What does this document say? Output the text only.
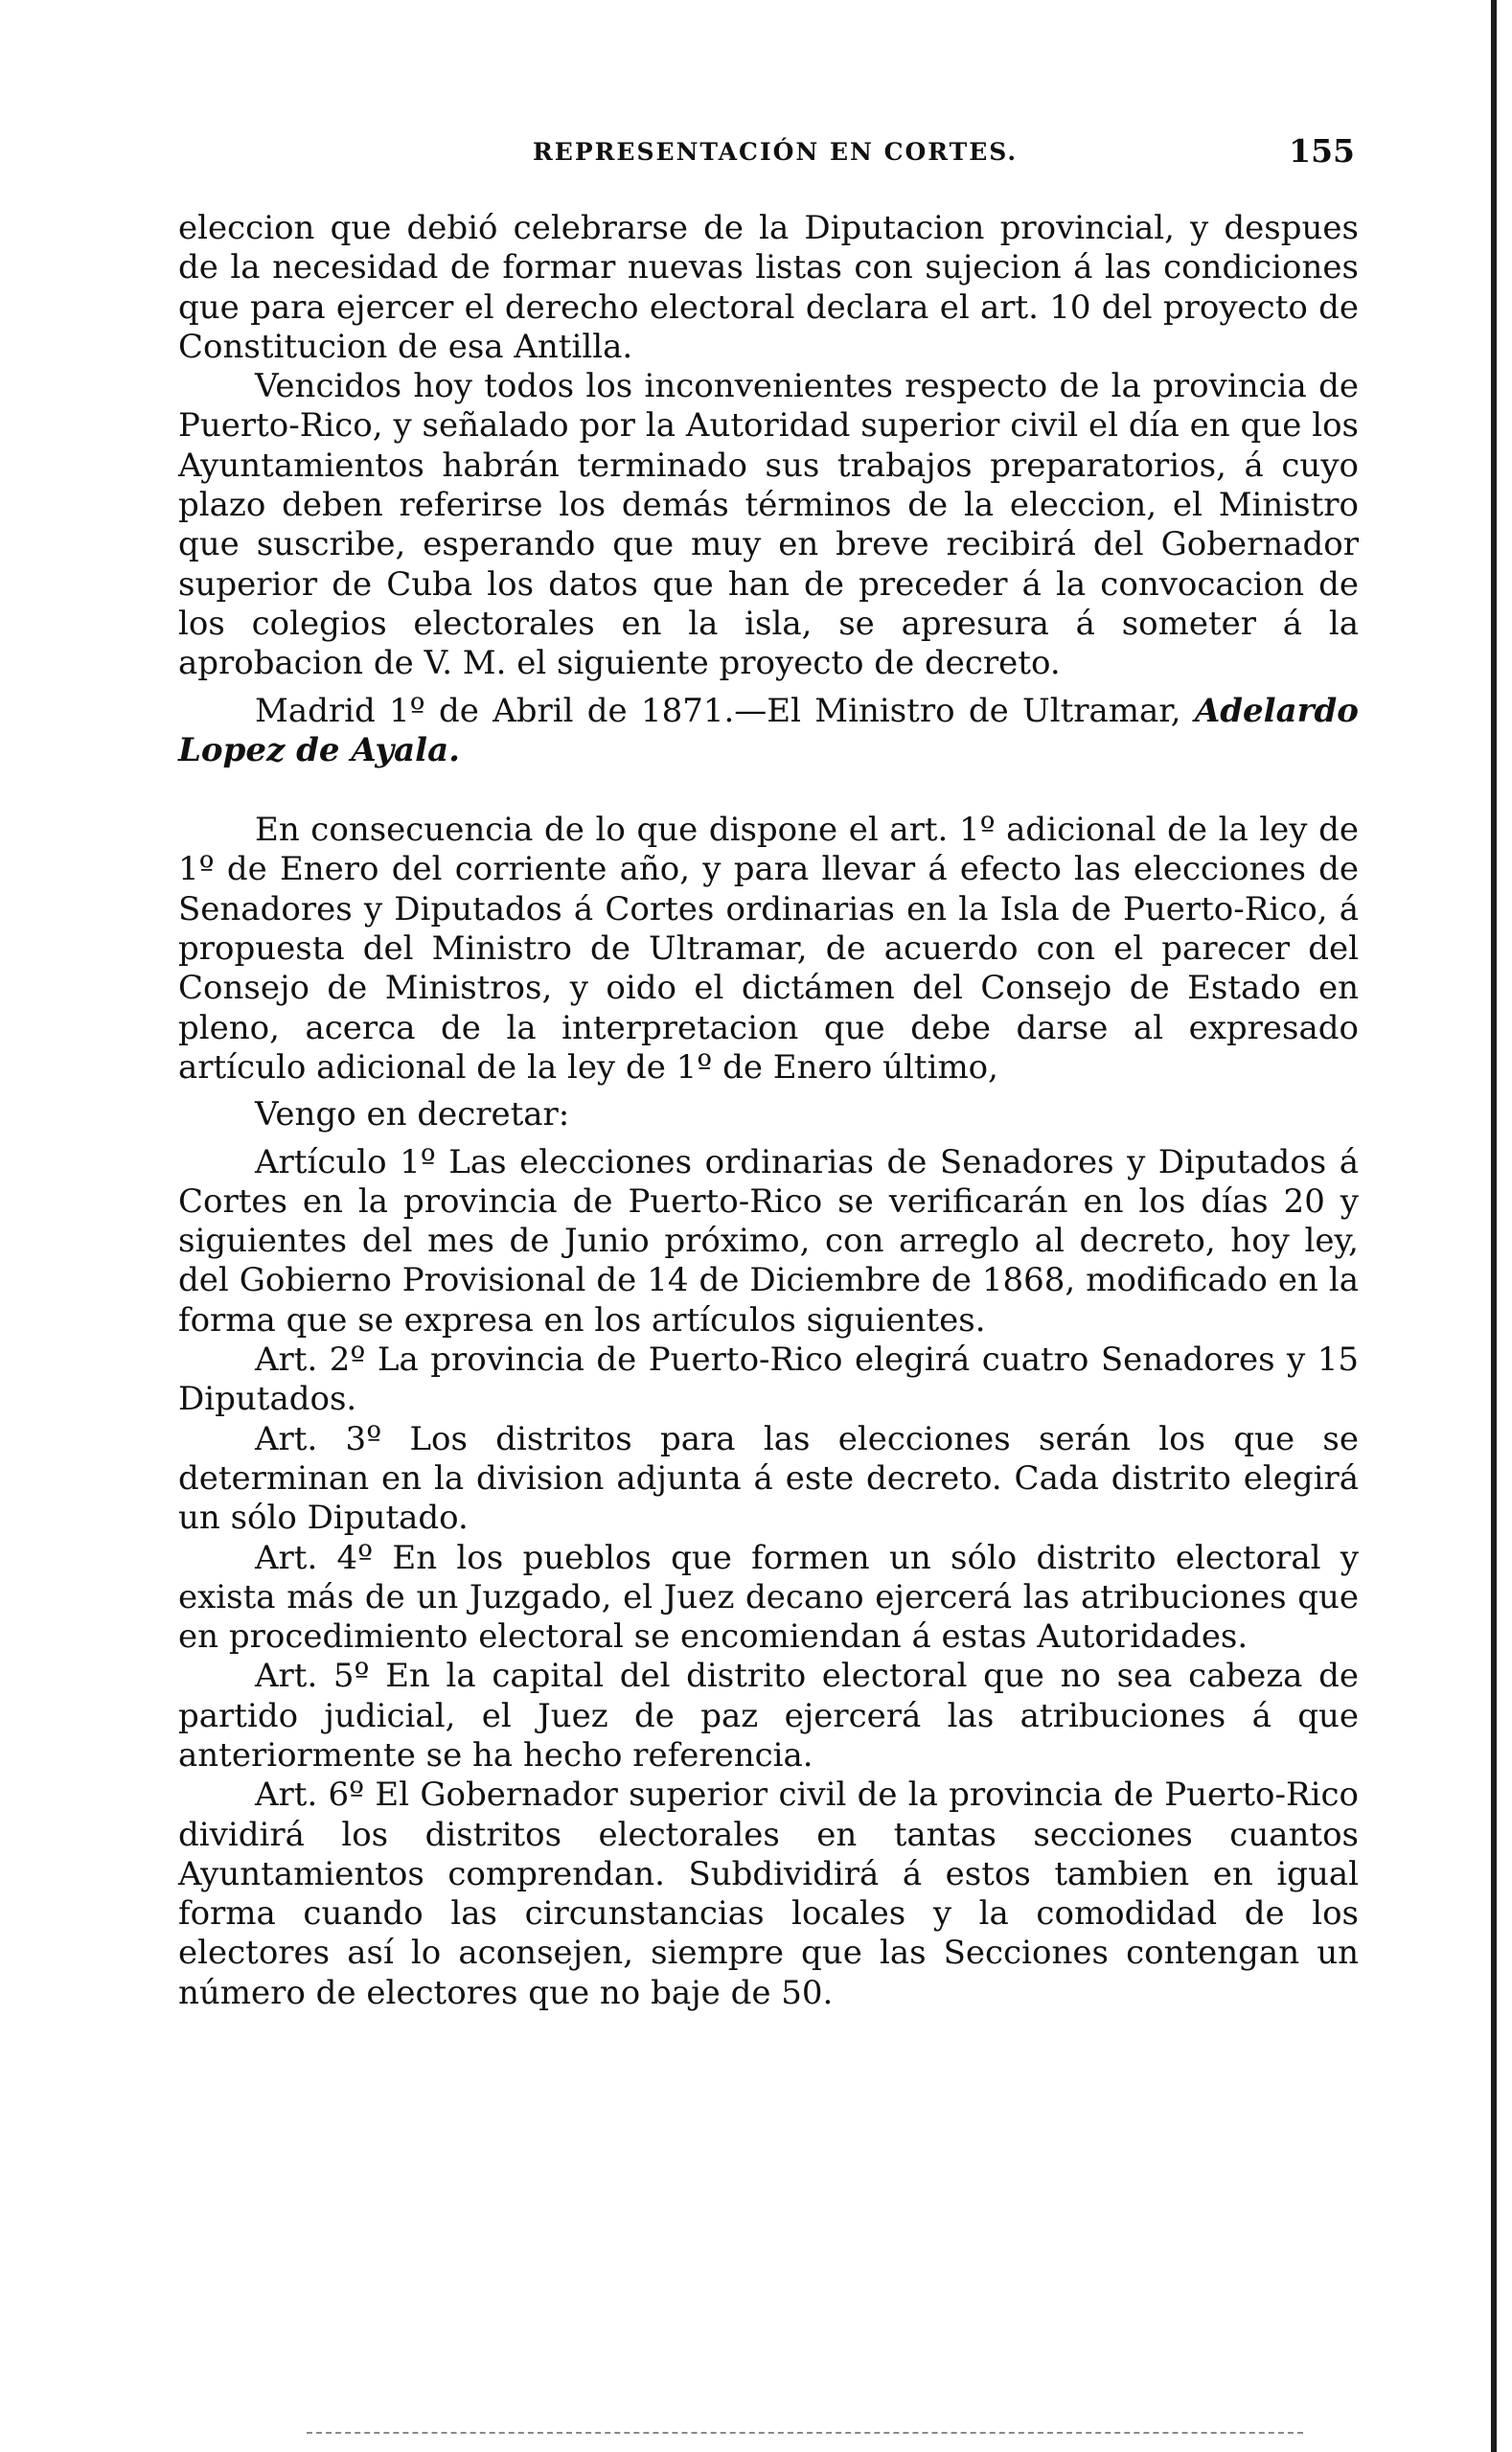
REPRESENTACIÓN EN CORTES.	155

eleccion que debió celebrarse de la Diputacion provincial, y despues de la necesidad de formar nuevas listas con sujecion á las condiciones que para ejercer el derecho electoral declara el art. 10 del proyecto de Constitucion de esa Antilla.

Vencidos hoy todos los inconvenientes respecto de la provincia de Puerto-Rico, y señalado por la Autoridad superior civil el día en que los Ayuntamientos habrán terminado sus trabajos preparatorios, á cuyo plazo deben referirse los demás términos de la eleccion, el Ministro que suscribe, esperando que muy en breve recibirá del Gobernador superior de Cuba los datos que han de preceder á la convocacion de los colegios electorales en la isla, se apresura á someter á la aprobacion de V. M. el siguiente proyecto de decreto.

Madrid 1º de Abril de 1871.—El Ministro de Ultramar, Adelardo Lopez de Ayala.

En consecuencia de lo que dispone el art. 1º adicional de la ley de 1º de Enero del corriente año, y para llevar á efecto las elecciones de Senadores y Diputados á Cortes ordinarias en la Isla de Puerto-Rico, á propuesta del Ministro de Ultramar, de acuerdo con el parecer del Consejo de Ministros, y oido el dictámen del Consejo de Estado en pleno, acerca de la interpretacion que debe darse al expresado artículo adicional de la ley de 1º de Enero último,

Vengo en decretar:

Artículo 1º Las elecciones ordinarias de Senadores y Diputados á Cortes en la provincia de Puerto-Rico se verificarán en los días 20 y siguientes del mes de Junio próximo, con arreglo al decreto, hoy ley, del Gobierno Provisional de 14 de Diciembre de 1868, modificado en la forma que se expresa en los artículos siguientes.

Art. 2º La provincia de Puerto-Rico elegirá cuatro Senadores y 15 Diputados.

Art. 3º Los distritos para las elecciones serán los que se determinan en la division adjunta á este decreto. Cada distrito elegirá un sólo Diputado.

Art. 4º En los pueblos que formen un sólo distrito electoral y exista más de un Juzgado, el Juez decano ejercerá las atribuciones que en procedimiento electoral se encomiendan á estas Autoridades.

Art. 5º En la capital del distrito electoral que no sea cabeza de partido judicial, el Juez de paz ejercerá las atribuciones á que anteriormente se ha hecho referencia.

Art. 6º El Gobernador superior civil de la provincia de Puerto-Rico dividirá los distritos electorales en tantas secciones cuantos Ayuntamientos comprendan. Subdividirá á estos tambien en igual forma cuando las circunstancias locales y la comodidad de los electores así lo aconsejen, siempre que las Secciones contengan un número de electores que no baje de 50.
